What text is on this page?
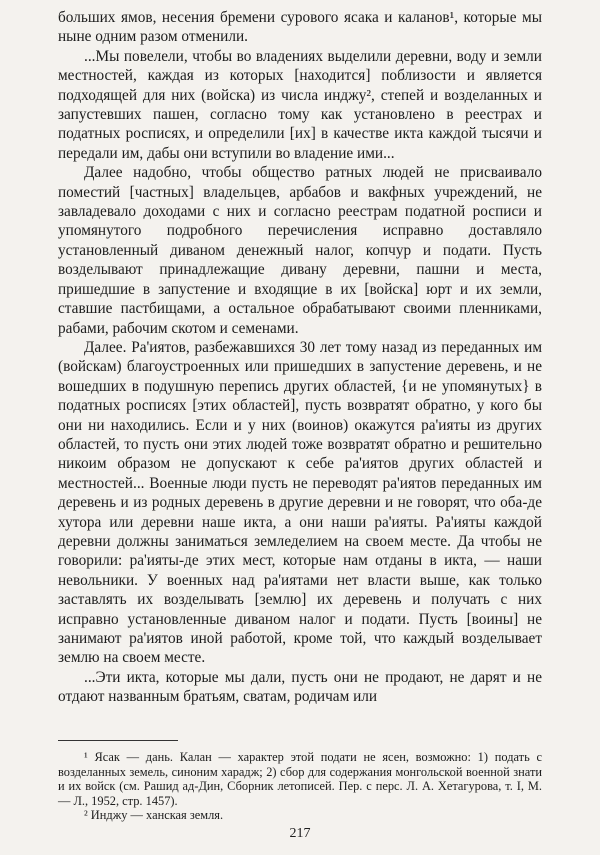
больших ямов, несения бремени сурового ясака и каланов¹, которые мы ныне одним разом отменили.

...Мы повелели, чтобы во владениях выделили деревни, воду и земли местностей, каждая из которых [находится] поблизости и является подходящей для них (войска) из числа инджу², степей и возделанных и запустевших пашен, согласно тому как установлено в реестрах и податных росписях, и определили [их] в качестве икта каждой тысячи и передали им, дабы они вступили во владение ими...

Далее надобно, чтобы общество ратных людей не присваивало поместий [частных] владельцев, арбабов и вакфных учреждений, не завладевало доходами с них и согласно реестрам податной росписи и упомянутого подробного перечисления исправно доставляло установленный диваном денежный налог, копчур и подати. Пусть возделывают принадлежащие дивану деревни, пашни и места, пришедшие в запустение и входящие в их [войска] юрт и их земли, ставшие пастбищами, а остальное обрабатывают своими пленниками, рабами, рабочим скотом и семенами.

Далее. Ра'иятов, разбежавшихся 30 лет тому назад из переданных им (войскам) благоустроенных или пришедших в запустение деревень, и не вошедших в подушную перепись других областей, {и не упомянутых} в податных росписях [этих областей], пусть возвратят обратно, у кого бы они ни находились. Если и у них (воинов) окажутся ра'ияты из других областей, то пусть они этих людей тоже возвратят обратно и решительно никоим образом не допускают к себе ра'иятов других областей и местностей... Военные люди пусть не переводят ра'иятов переданных им деревень и из родных деревень в другие деревни и не говорят, что оба-де хутора или деревни наше икта, а они наши ра'ияты. Ра'ияты каждой деревни должны заниматься земледелием на своем месте. Да чтобы не говорили: ра'ияты-де этих мест, которые нам отданы в икта, — наши невольники. У военных над ра'иятами нет власти выше, как только заставлять их возделывать [землю] их деревень и получать с них исправно установленные диваном налог и подати. Пусть [воины] не занимают ра'иятов иной работой, кроме той, что каждый возделывает землю на своем месте.

...Эти икта, которые мы дали, пусть они не продают, не дарят и не отдают названным братьям, сватам, родичам или

¹ Ясак — дань. Калан — характер этой подати не ясен, возможно: 1) подать с возделанных земель, синоним харадж; 2) сбор для содержания монгольской военной знати и их войск (см. Рашид ад-Дин, Сборник летописей. Пер. с перс. Л. А. Хетагурова, т. I, М. — Л., 1952, стр. 1457).

² Инджу — ханская земля.

217
